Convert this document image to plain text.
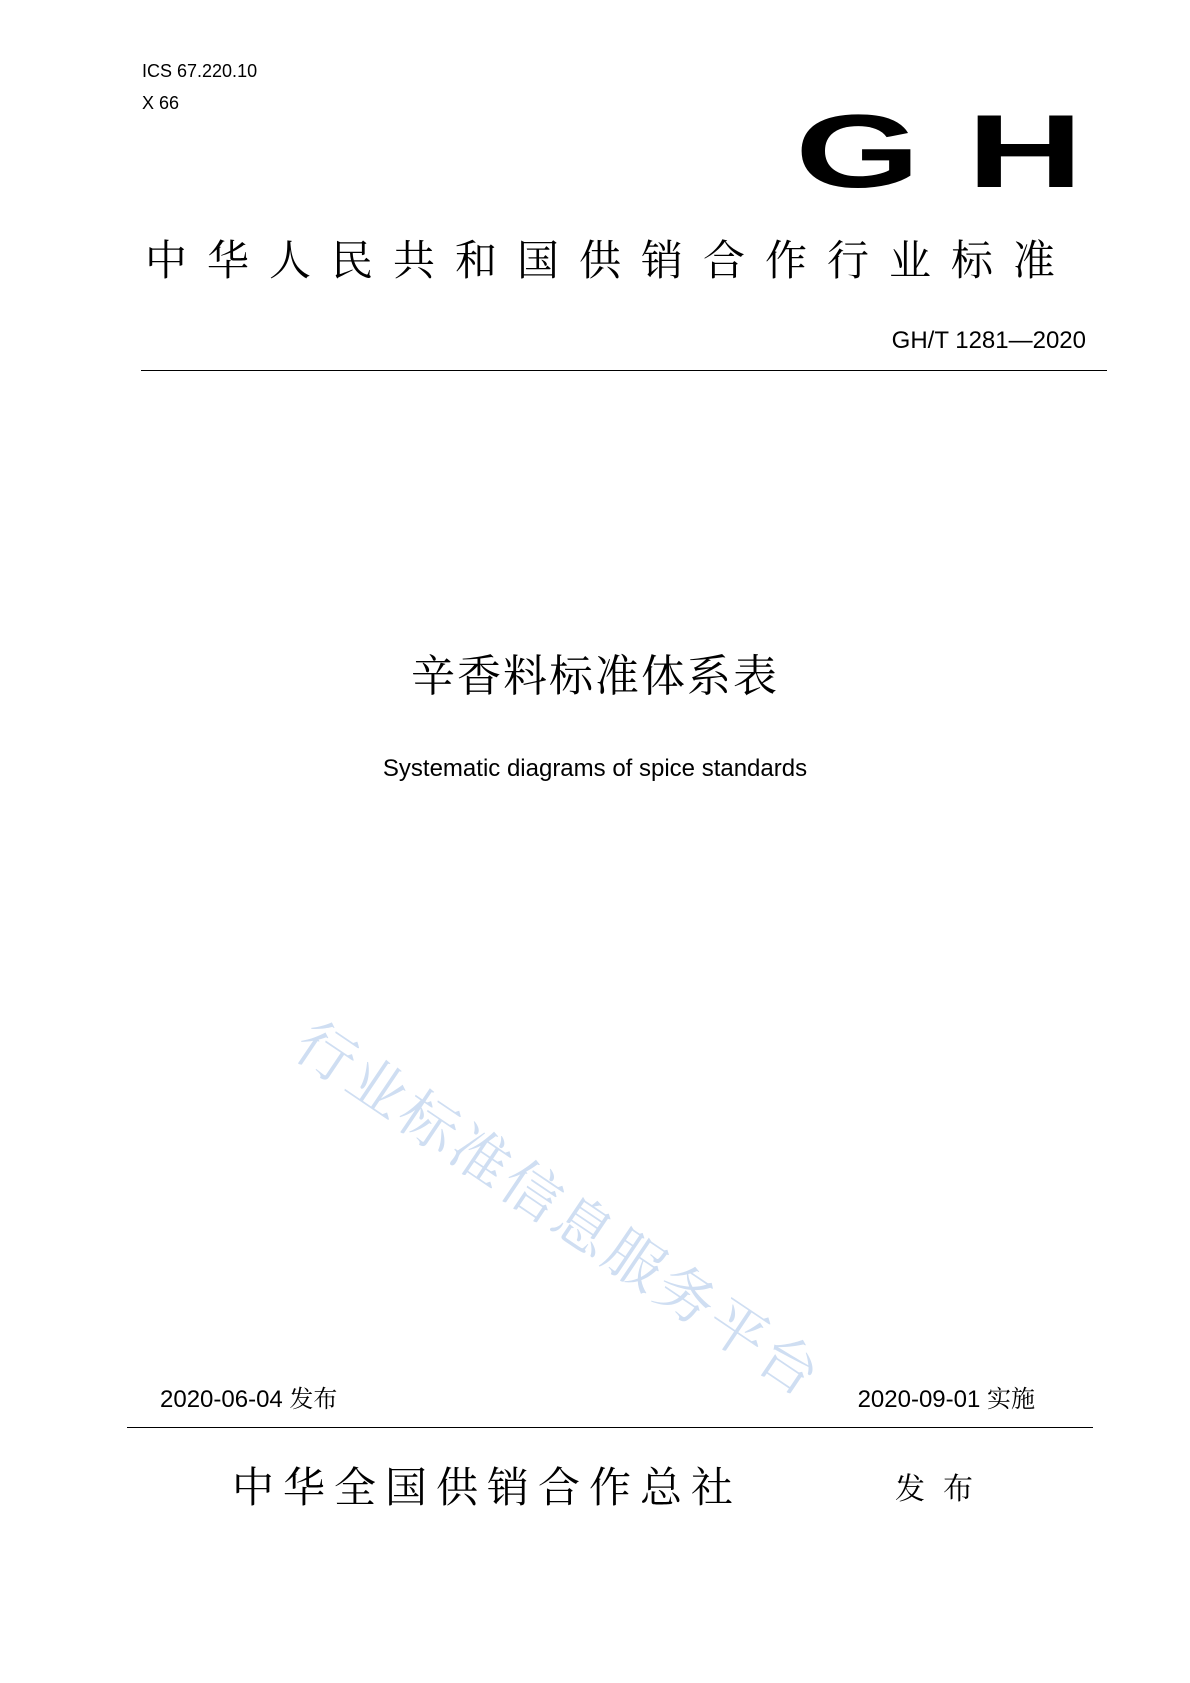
ICS 67.220.10
X 66	GH
中华人民共和国供销合作行业标准
GH/T 1281—2020
辛香料标准体系表
Systematic diagrams of spice standards
行业标准信息服务平台
2020-06-04 发布	2020-09-01 实施
中华全国供销合作总社	发布
